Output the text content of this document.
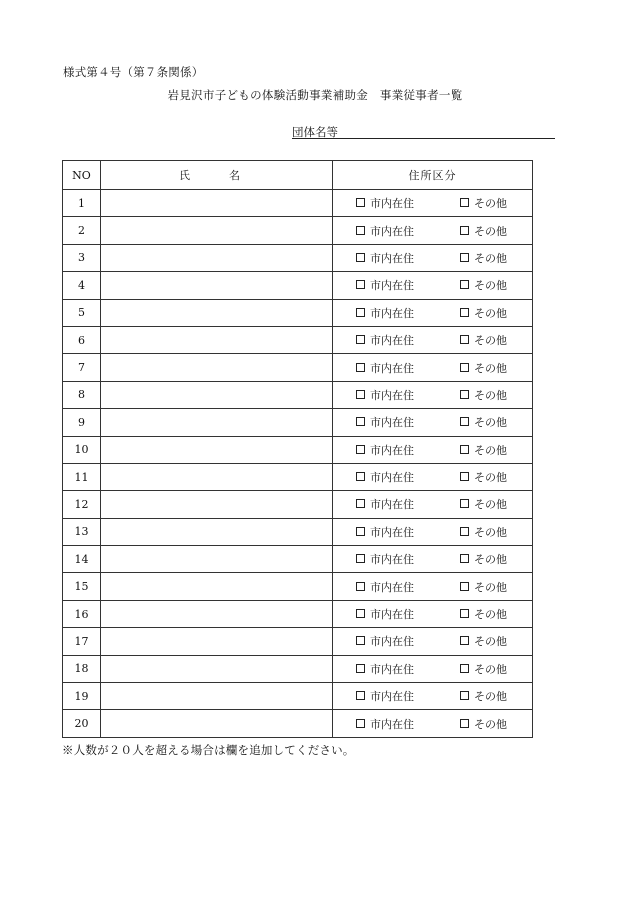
様式第４号（第７条関係）
岩見沢市子どもの体験活動事業補助金　事業従事者一覧
団体名等
NO	氏　名	住所区分
1		市内在住 その他

2		市内在住 その他

3		市内在住 その他

4		市内在住 その他

5		市内在住 その他

6		市内在住 その他

7		市内在住 その他

8		市内在住 その他

9		市内在住 その他

10		市内在住 その他

11		市内在住 その他

12		市内在住 その他

13		市内在住 その他

14		市内在住 その他

15		市内在住 その他

16		市内在住 その他

17		市内在住 その他

18		市内在住 その他

19		市内在住 その他

20		市内在住 その他
※人数が２０人を超える場合は欄を追加してください。
